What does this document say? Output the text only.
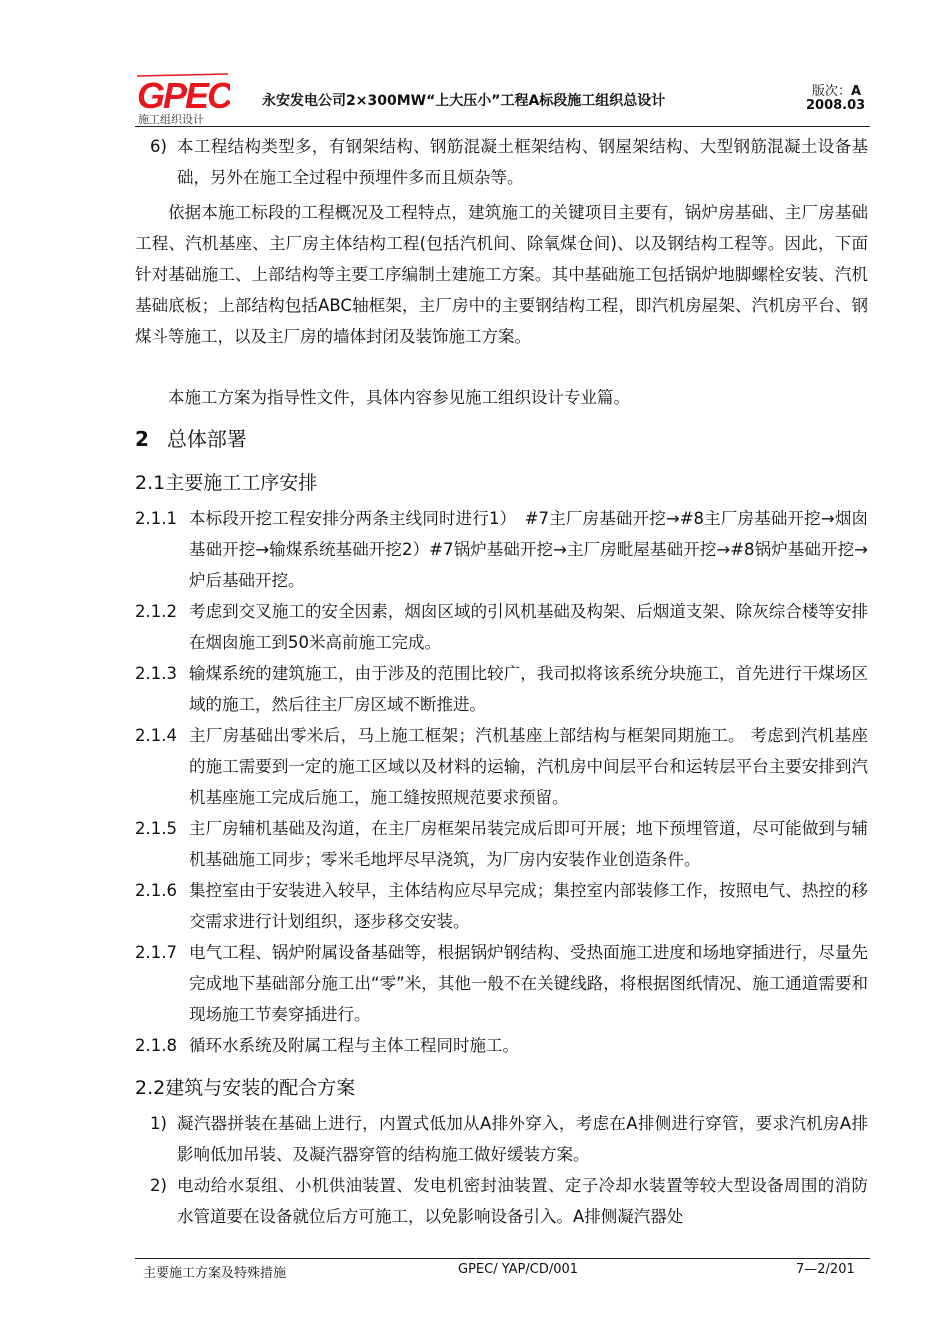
GPEC
施工组织设计
永安发电公司2×300MW“上大压小”工程A标段施工组织总设计
版次：A
2008.03
6) 本工程结构类型多，有钢架结构、钢筋混凝土框架结构、钢屋架结构、大型钢筋混凝土设备基础，另外在施工全过程中预埋件多而且烦杂等。
依据本施工标段的工程概况及工程特点，建筑施工的关键项目主要有，锅炉房基础、主厂房基础工程、汽机基座、主厂房主体结构工程(包括汽机间、除氧煤仓间)、以及钢结构工程等。因此，下面针对基础施工、上部结构等主要工序编制土建施工方案。其中基础施工包括锅炉地脚螺栓安装、汽机基础底板；上部结构包括ABC轴框架，主厂房中的主要钢结构工程，即汽机房屋架、汽机房平台、钢煤斗等施工，以及主厂房的墙体封闭及装饰施工方案。
本施工方案为指导性文件，具体内容参见施工组织设计专业篇。
2 总体部署
2.1主要施工工序安排
2.1.1 本标段开挖工程安排分两条主线同时进行1）　#7主厂房基础开挖→#8主厂房基础开挖→烟囱基础开挖→输煤系统基础开挖2）#7锅炉基础开挖→主厂房毗屋基础开挖→#8锅炉基础开挖→炉后基础开挖。
2.1.2 考虑到交叉施工的安全因素，烟囱区域的引风机基础及构架、后烟道支架、除灰综合楼等安排在烟囱施工到50米高前施工完成。
2.1.3 输煤系统的建筑施工，由于涉及的范围比较广，我司拟将该系统分块施工，首先进行干煤场区域的施工，然后往主厂房区域不断推进。
2.1.4 主厂房基础出零米后，马上施工框架；汽机基座上部结构与框架同期施工。 考虑到汽机基座的施工需要到一定的施工区域以及材料的运输，汽机房中间层平台和运转层平台主要安排到汽机基座施工完成后施工，施工缝按照规范要求预留。
2.1.5 主厂房辅机基础及沟道，在主厂房框架吊装完成后即可开展；地下预埋管道，尽可能做到与辅机基础施工同步；零米毛地坪尽早浇筑，为厂房内安装作业创造条件。
2.1.6 集控室由于安装进入较早，主体结构应尽早完成；集控室内部装修工作，按照电气、热控的移交需求进行计划组织，逐步移交安装。
2.1.7 电气工程、锅炉附属设备基础等，根据锅炉钢结构、受热面施工进度和场地穿插进行，尽量先完成地下基础部分施工出“零”米，其他一般不在关键线路，将根据图纸情况、施工通道需要和现场施工节奏穿插进行。
2.1.8 循环水系统及附属工程与主体工程同时施工。
2.2建筑与安装的配合方案
1) 凝汽器拼装在基础上进行，内置式低加从A排外穿入，考虑在A排侧进行穿管，要求汽机房A排影响低加吊装、及凝汽器穿管的结构施工做好缓装方案。
2) 电动给水泵组、小机供油装置、发电机密封油装置、定子冷却水装置等较大型设备周围的消防水管道要在设备就位后方可施工，以免影响设备引入。A排侧凝汽器处
主要施工方案及特殊措施	GPEC/ YAP/CD/001	7—2/201
